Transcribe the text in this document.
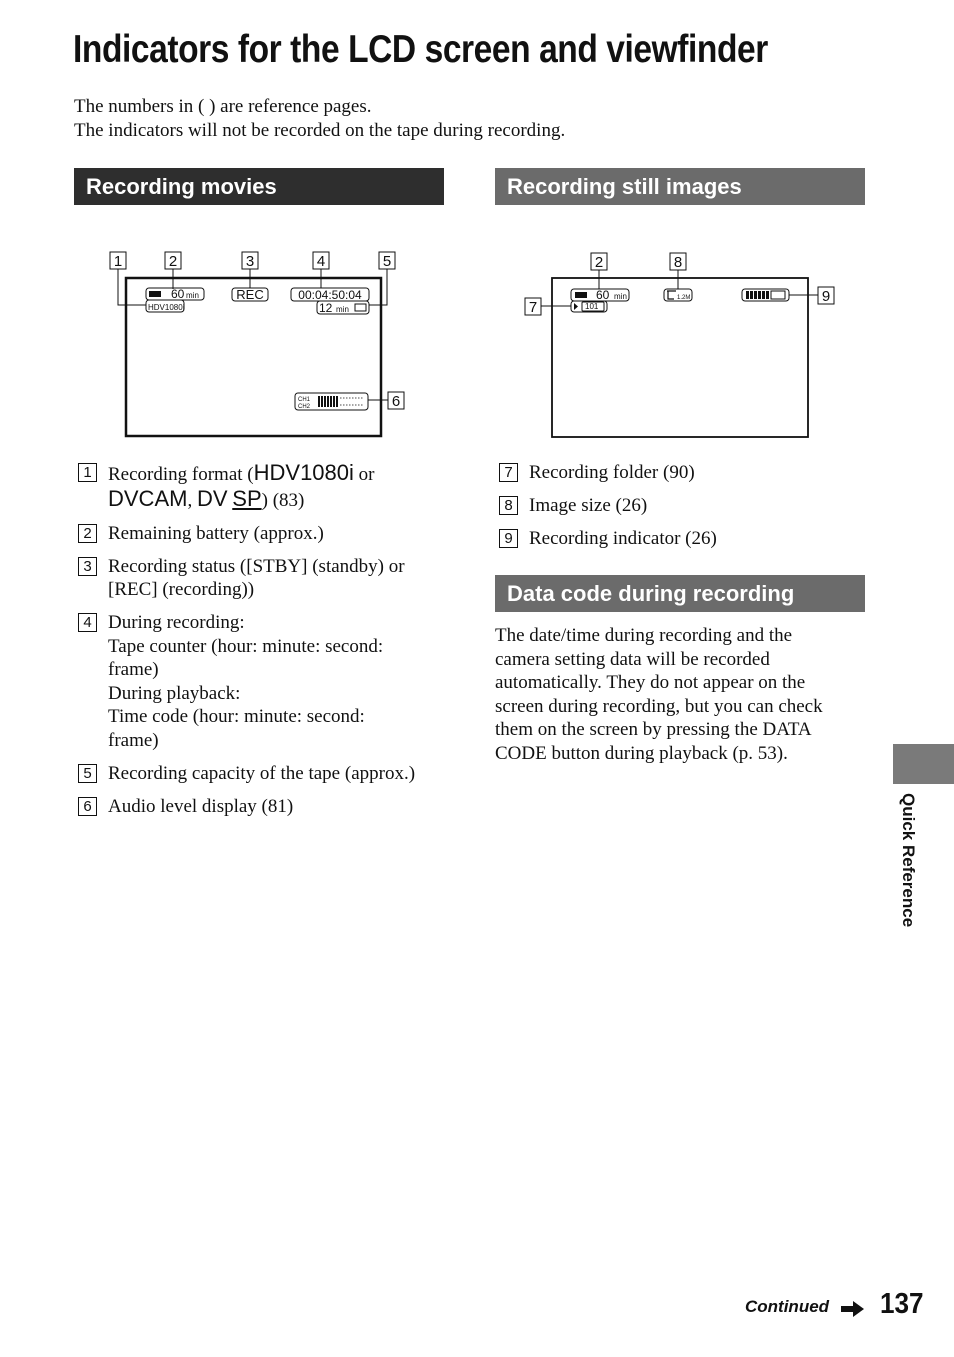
Indicators for the LCD screen and viewfinder
The numbers in ( ) are reference pages.
The indicators will not be recorded on the tape during recording.
Recording movies	Recording still images
1	2	3	4	5
6
60 min
HDV1080i
REC	00:04:50:04
12 min
CH1
CH2
2	8
7
9
60 min
101
1.2M
1 Recording format (HDV1080i or
DVCAM, DV SP) (83)
2 Remaining battery (approx.)
3 Recording status ([STBY] (standby) or
[REC] (recording))
4 During recording:
Tape counter (hour: minute: second:
frame)
During playback:
Time code (hour: minute: second:
frame)
5 Recording capacity of the tape (approx.)
6 Audio level display (81)
7 Recording folder (90)
8 Image size (26)
9 Recording indicator (26)
Data code during recording
The date/time during recording and the
camera setting data will be recorded
automatically. They do not appear on the
screen during recording, but you can check
them on the screen by pressing the DATA
CODE button during playback (p. 53).
Quick Reference
Continued 137
